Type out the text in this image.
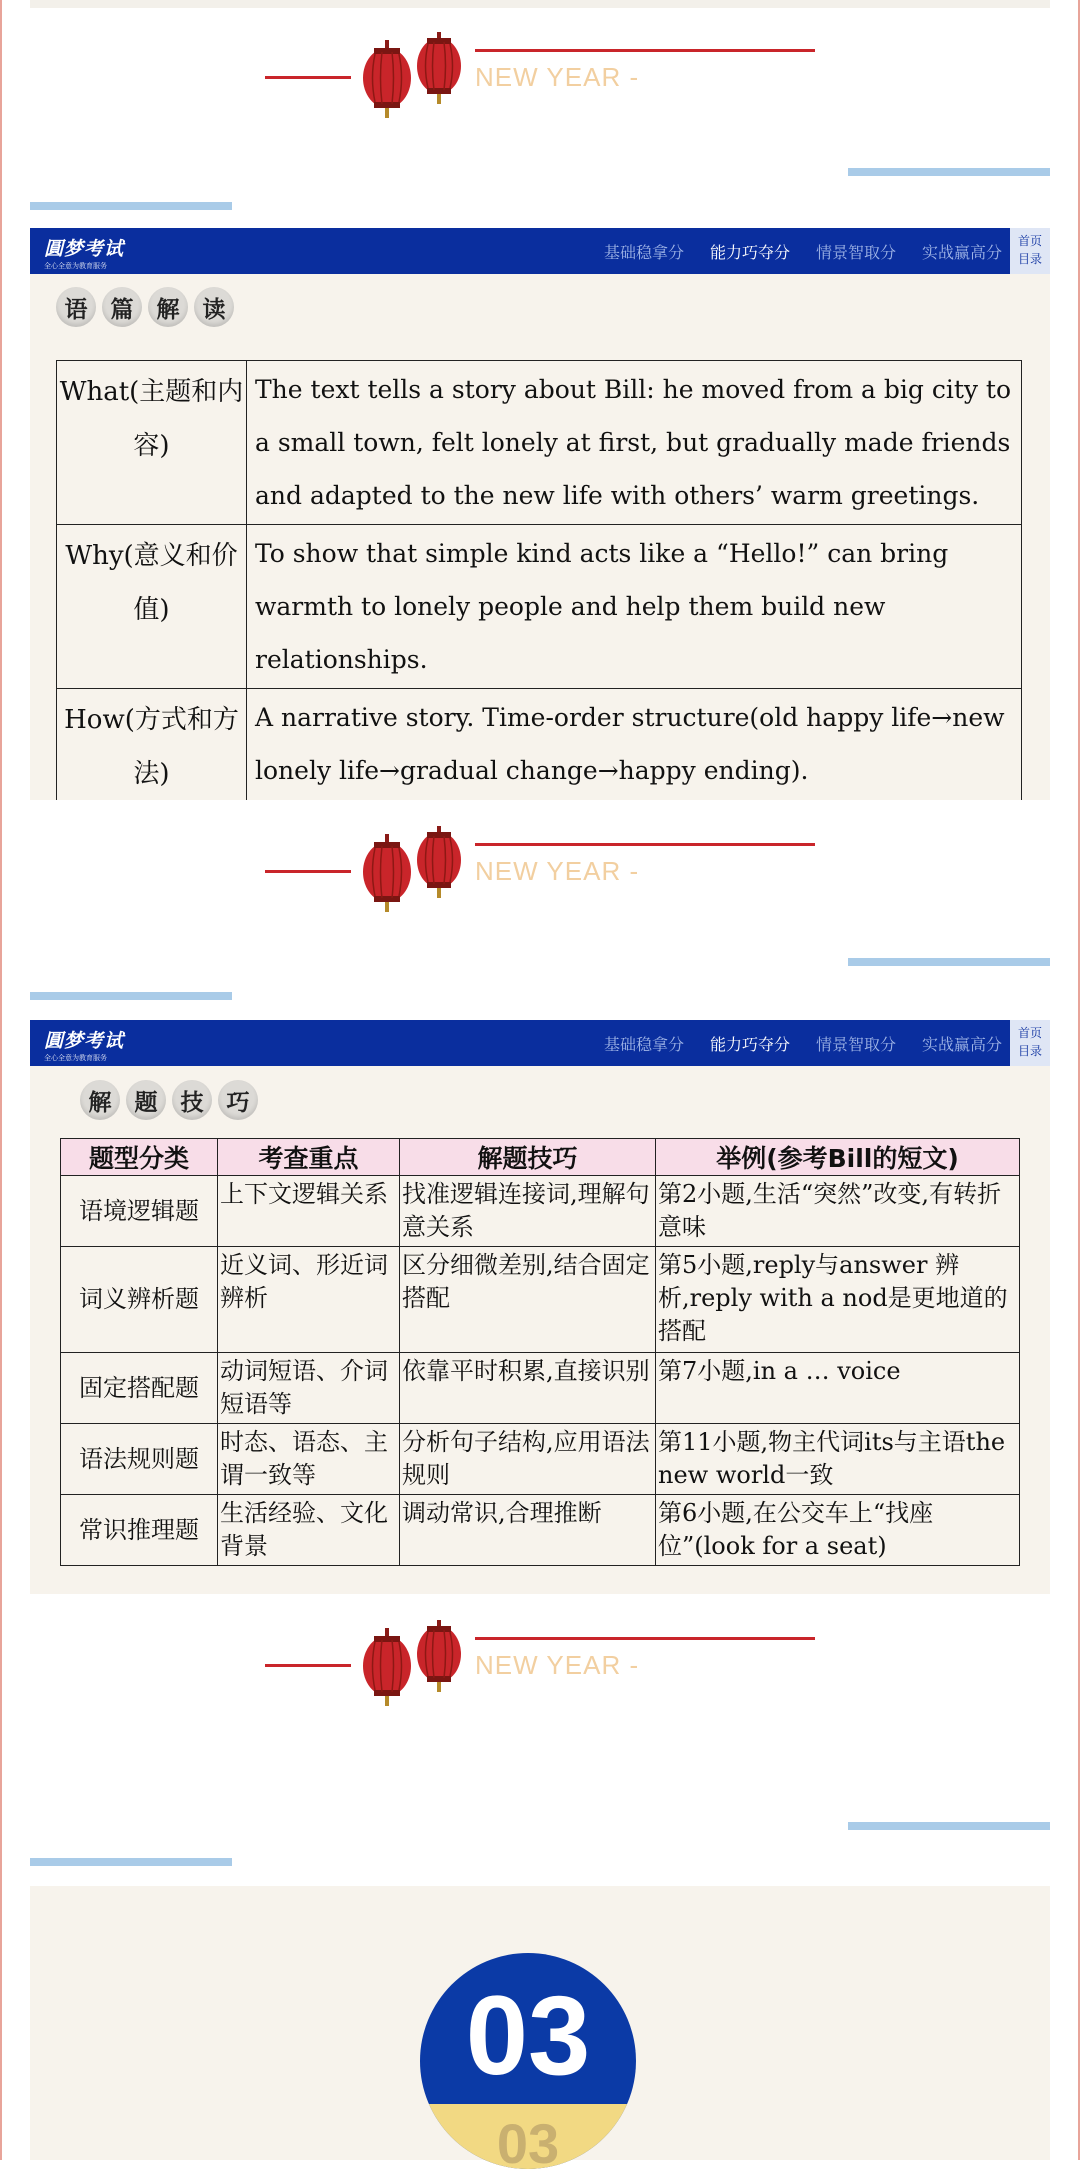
NEW YEAR -
圓梦考试
全心全意为教育服务
基础稳拿分 能力巧夺分 情景智取分 实战赢高分
首页
目录
语	篇	解	读
What(主题和内容)	The text tells a story about Bill: he moved from a big city to a small town, felt lonely at first, but gradually made friends and adapted to the new life with others’ warm greetings.
Why(意义和价值)	To show that simple kind acts like a “Hello!” can bring warmth to lonely people and help them build new relationships.
How(方式和方法)	A narrative story. Time-order structure(old happy life→new lonely life→gradual change→happy ending).
NEW YEAR -
圓梦考试
全心全意为教育服务
基础稳拿分 能力巧夺分 情景智取分 实战赢高分
首页
目录
解	题	技	巧
题型分类	考查重点	解题技巧	举例(参考Bill的短文)
语境逻辑题	上下文逻辑关系	找准逻辑连接词,理解句意关系	第2小题,生活“突然”改变,有转折意味
词义辨析题	近义词、形近词辨析	区分细微差别,结合固定搭配	第5小题,reply与answer 辨析,reply with a nod是更地道的搭配
固定搭配题	动词短语、介词短语等	依靠平时积累,直接识别	第7小题,in a … voice
语法规则题	时态、语态、主谓一致等	分析句子结构,应用语法规则	第11小题,物主代词its与主语the new world一致
常识推理题	生活经验、文化背景	调动常识,合理推断	第6小题,在公交车上“找座位”(look for a seat)
NEW YEAR -
03
03
